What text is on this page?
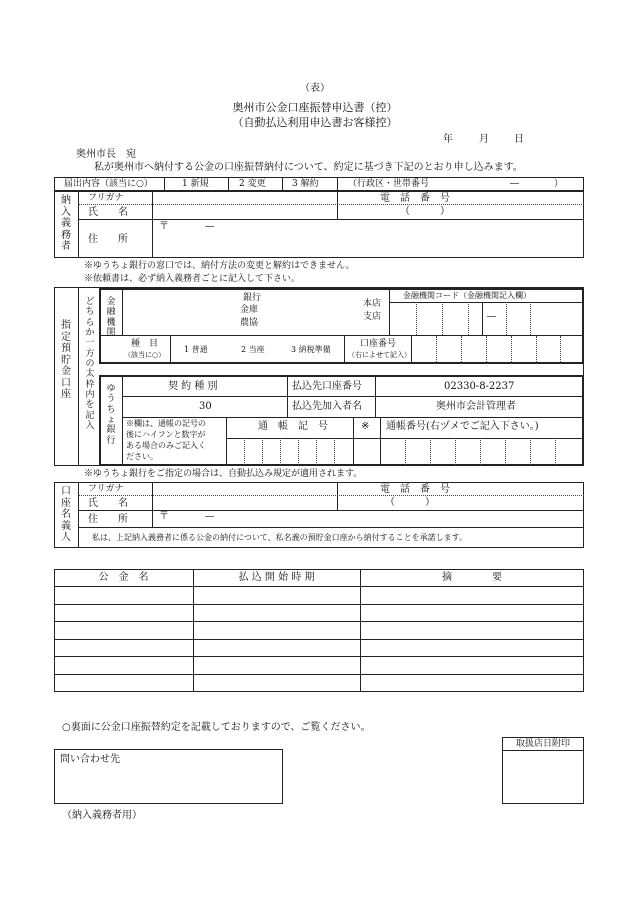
（表）
奥州市公金口座振替申込書（控）
（自動払込利用申込書お客様控）
年	月	日
奥州市長　宛
私が奥州市へ納付する公金の口座振替納付について、約定に基づき下記のとおり申し込みます。
届出内容（該当に○）	1 新規	2 変更	3 解約	（行政区・世帯番号	―	）
納入義務者
フリガナ
氏　　名
住　　所
〒	―
電　話　番　号
（　　　）
※ゆうちょ銀行の窓口では、納付方法の変更と解約はできません。
※依頼書は、必ず納入義務者ごとに記入して下さい。
指定預貯金口座
どちらか一方の太枠内を記入
金融機関
銀行
金庫
農協
本店
支店
金融機関コード（金融機関記入欄）
―
種　目
（該当に○）
1 普通	2 当座	3 納税準備
口座番号
（右によせて記入）
ゆうちょ銀行
契 約 種 別
30
払込先口座番号	02330-8-2237
払込先加入者名	奥州市会計管理者
※欄は、通帳の記号の
後にハイフンと数字が
ある場合のみご記入く
ださい。
通　帳　記　号	※ 通帳番号(右ヅメでご記入下さい。)
※ゆうちょ銀行をご指定の場合は、自動払込み規定が適用されます。
口座名義人
フリガナ
氏　　名
住　　所	〒	―
電　話　番　号
（　　　）
私は、上記納入義務者に係る公金の納付について、私名義の預貯金口座から納付することを承諾します。
公　金　名	払 込 開 始 時 期	摘　　　　要
○裏面に公金口座振替約定を記載しておりますので、ご覧ください。
取扱店日附印
問い合わせ先
（納入義務者用）
